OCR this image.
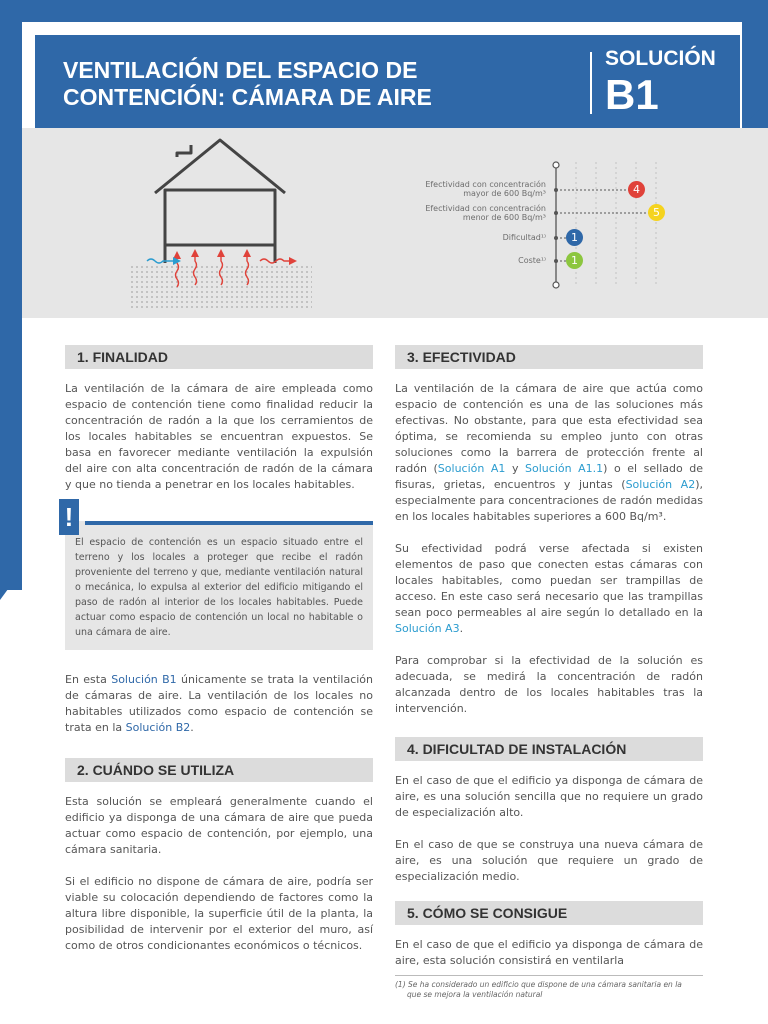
VENTILACIÓN DEL ESPACIO DE
CONTENCIÓN: CÁMARA DE AIRE
SOLUCIÓN
B1
Efectividad con concentración
mayor de 600 Bq/m³
Efectividad con concentración
menor de 600 Bq/m³
Dificultad¹⁾
Coste¹⁾
4
5
1
1
1. FINALIDAD

La ventilación de la cámara de aire empleada como espacio de contención tiene como finalidad reducir la concentración de radón a la que los cerramientos de los locales habitables se encuentran expuestos. Se basa en favorecer mediante ventilación la expulsión del aire con alta concentración de radón de la cámara y que no tienda a penetrar en los locales habitables.

!

El espacio de contención es un espacio situado entre el terreno y los locales a proteger que recibe el radón proveniente del terreno y que, mediante ventilación natural o mecánica, lo expulsa al exterior del edificio mitigando el paso de radón al interior de los locales habitables. Puede actuar como espacio de contención un local no habitable o una cámara de aire.

En esta Solución B1 únicamente se trata la ventilación de cámaras de aire. La ventilación de los locales no habitables utilizados como espacio de contención se trata en la Solución B2.

2. CUÁNDO SE UTILIZA

Esta solución se empleará generalmente cuando el edificio ya disponga de una cámara de aire que pueda actuar como espacio de contención, por ejemplo, una cámara sanitaria.

Si el edificio no dispone de cámara de aire, podría ser viable su colocación dependiendo de factores como la altura libre disponible, la superficie útil de la planta, la posibilidad de intervenir por el exterior del muro, así como de otros condicionantes económicos o técnicos.

3. EFECTIVIDAD

La ventilación de la cámara de aire que actúa como espacio de contención es una de las soluciones más efectivas. No obstante, para que esta efectividad sea óptima, se recomienda su empleo junto con otras soluciones como la barrera de protección frente al radón (Solución A1 y Solución A1.1) o el sellado de fisuras, grietas, encuentros y juntas (Solución A2), especialmente para concentraciones de radón medidas en los locales habitables superiores a 600 Bq/m³.

Su efectividad podrá verse afectada si existen elementos de paso que conecten estas cámaras con locales habitables, como puedan ser trampillas de acceso. En este caso será necesario que las trampillas sean poco permeables al aire según lo detallado en la Solución A3.

Para comprobar si la efectividad de la solución es adecuada, se medirá la concentración de radón alcanzada dentro de los locales habitables tras la intervención.

4. DIFICULTAD DE INSTALACIÓN

En el caso de que el edificio ya disponga de cámara de aire, es una solución sencilla que no requiere un grado de especialización alto.

En el caso de que se construya una nueva cámara de aire, es una solución que requiere un grado de especialización medio.

5. CÓMO SE CONSIGUE

En el caso de que el edificio ya disponga de cámara de aire, esta solución consistirá en ventilarla

(1) Se ha considerado un edificio que dispone de una cámara sanitaria en la
que se mejora la ventilación natural
